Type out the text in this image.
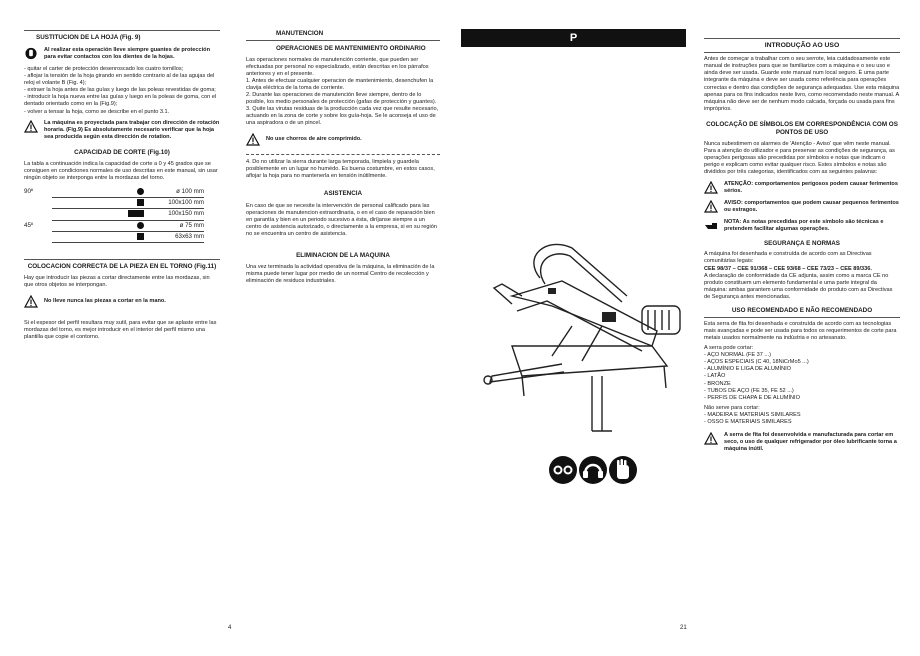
SUSTITUCION DE LA HOJA (Fig. 9)

Al realizar esta operación lleve siempre guantes de protección para evitar contactos con los dientes de la hojas.

- quitar el carter de protección desenroscado los cuatro tornillos;

- aflojar la tensión de la hoja girando en sentido contrario al de las agujas del reloj el volante B (Fig. 4);

- extraer la hoja antes de las guías y luego de las poleas revestidas de goma;

- introducir la hoja nueva entre las guías y luego en la poleas de goma, con el dentado orientado como en la (Fig.9);

- volver a tensar la hoja, como se describe en el punto 3.1.

La máquina es proyectada para trabajar con dirección de rotación horaria. (Fig.9) Es absolutamente necesario verificar que la hoja sea producida según esta dirección de rotation.

CAPACIDAD DE CORTE (Fig.10)

La tabla a continuación indica la capacidad de corte a 0 y 45 grados que se consiguen en condiciones normales de uso descritas en este manual, sin usar ningún objeto se interponga entre la mordazas del torno.

90º	ø 100 mm
100x100 mm
100x150 mm
45º	ø 75 mm
63x63 mm
COLOCACION CORRECTA DE LA PIEZA EN EL TORNO (Fig.11)

Hay que introducir las piezas a cortar directamente entre las mordazas, sin que otros objetos se interpongan.

No lleve nunca las piezas a cortar en la mano.

Si el espesor del perfil resultara muy sutil, para evitar que se aplaste entre las mordazas del torno, es mejor introducir en el interior del perfil mismo una plantilla que copie el contorno.

4
MANUTENCION
OPERACIONES DE MANTENIMIENTO ORDINARIO

Las operaciones normales de manutención corriente, que pueden ser efectuadas por personal no especializado, están descritas en los párrafos anteriores y en el presente.

1. Antes de efectuar cualquier operacion de mantenimiento, desenchufen la clavija eléctrica de la toma de corriente.

2. Durante las operaciones de manutención lleve siempre, dentro de lo posible, los medio personales de protección (gafas de protección y guantes).

3. Quite las virutas residuas de la producción cada vez que resulte necesario, actuando en la zona de corte y sobre los guía-hoja. Se le aconseja el uso de una aspiradora o de un pincel.

No use chorros de aire comprimido.

4. Do no utilizar la sierra durante larga temporada, limpiela y guardela posiblemente en un lugar no humédo. Es buena costumbre, en estos casos, aflojar la hoja para no mantenerla en tensión inútilmente.

ASISTENCIA

En caso de que se necesite la intervención de personal calificado para las operaciones de manutencion extraordinaria, o en el caso de reparación bien en garantía y bien en un periodo sucesivo a ésta, diríjanse siempre a un centro de asistencia autorizado, o directamente a la empresa, si en su región no se encuentra un centro de asistencia.

ELIMINACION DE LA MAQUINA

Una vez terminada la actividad operativa de la máquina, la eliminación de la misma puede tener lugar por medio de un normal Centro de recolección y eliminación de residuos industriales.

21
P
INTRODUÇÃO AO USO

Antes de começar a trabalhar com o seu serrote, leia cuidadosamente este manual de instruções para que se familiarize com a máquina e o seu uso e ainda deve ser usada. Guarde este manual num local seguro. É uma parte integrante da máquina e deve ser usada como referência para operações correctas e dentro das condições de segurança adequadas. Use esta máquina apenas para os fins indicados neste livro, como recomendado neste manual. A máquina não deve ser de nenhum modo calcada, forçada ou usada para fins impróprios.

COLOCAÇÃO DE SÍMBOLOS EM CORRESPONDÊNCIA COM OS PONTOS DE USO

Nunca subestimem os alarmes de 'Atenção - Aviso' que vêm neste manual. Para a atenção do utilizador e para preservar as condições de segurança, as operações perigosas são precedidas por símbolos e notas que indicam o perigo e explicam como evitar qualquer risco. Estes símbolos e notas são divididos por três categorias, identificados com as seguintes palavras:

ATENÇÃO: comportamentos perigosos podem causar ferimentos sérios.

AVISO: comportamentos que podem causar pequenos ferimentos ou estragos.

NOTA: As notas precedidas por este símbolo são técnicas e pretendem facilitar algumas operações.

SEGURANÇA E NORMAS

A máquina foi desenhada e construída de acordo com as Directivas comunitárias legais:

CEE 98/37 – CEE 91/368 – CEE 93/68 – CEE 73/23 – CEE 89/336.

A declaração de conformidade da CE adjunta, assim como a marca CE no produto constituem um elemento fundamental e uma parte integral da máquina: ambas garantem uma conformidade do produto com as Directivas de Segurança antes mencionadas.

USO RECOMENDADO E NÃO RECOMENDADO

Esta serra de fita foi desenhada e construída de acordo com as tecnologias mais avançadas e pode ser usada para todos os requerimentos de corte para metais usados normalmente na indústria e no artesanato.

A serra pode cortar:

- AÇO NORMAL (FE 37 ...)
- AÇOS ESPECIAIS (C 40, 18NiCrMo5 ...)
- ALUMÍNIO E LIGA DE ALUMÍNIO
- LATÃO
- BRONZE
- TUBOS DE AÇO (FE 35, FE 52 ...)
- PERFIS DE CHAPA E DE ALUMÍNIO

Não serve para cortar:

- MADEIRA E MATERIAIS SIMILARES
- OSSO E MATERIAIS SIMILARES

A serra de fita foi desenvolvida e manufacturada para cortar em seco, o uso de qualquer refrigerador por óleo lubrificante torna a máquina inútil.
